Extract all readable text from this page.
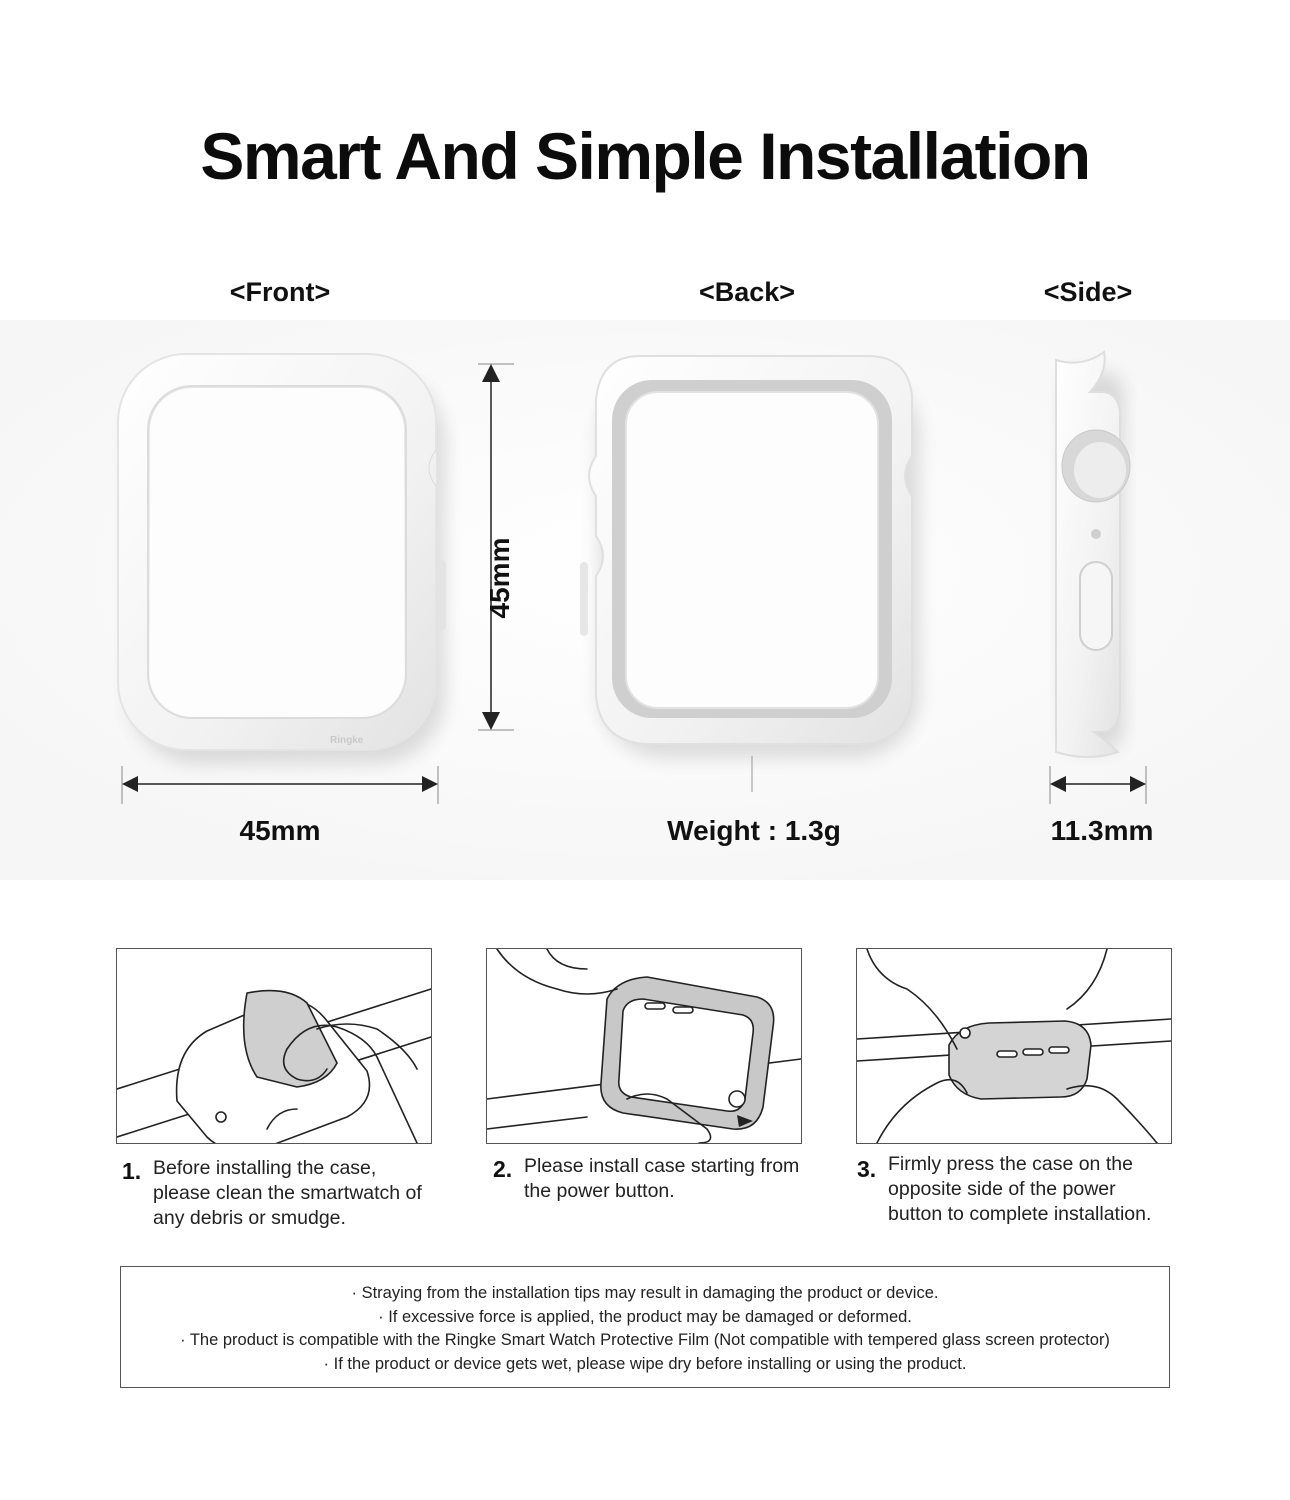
Smart And Simple Installation
<Front>	<Back>	<Side>
Ringke
45mm
45mm	Weight : 1.3g	11.3mm
1. Before installing the case,
please clean the smartwatch of
any debris or smudge.
2. Please install case starting from
the power button.
3. Firmly press the case on the
opposite side of the power
button to complete installation.
· Straying from the installation tips may result in damaging the product or device.
· If excessive force is applied, the product may be damaged or deformed.
· The product is compatible with the Ringke Smart Watch Protective Film (Not compatible with tempered glass screen protector)
· If the product or device gets wet, please wipe dry before installing or using the product.
